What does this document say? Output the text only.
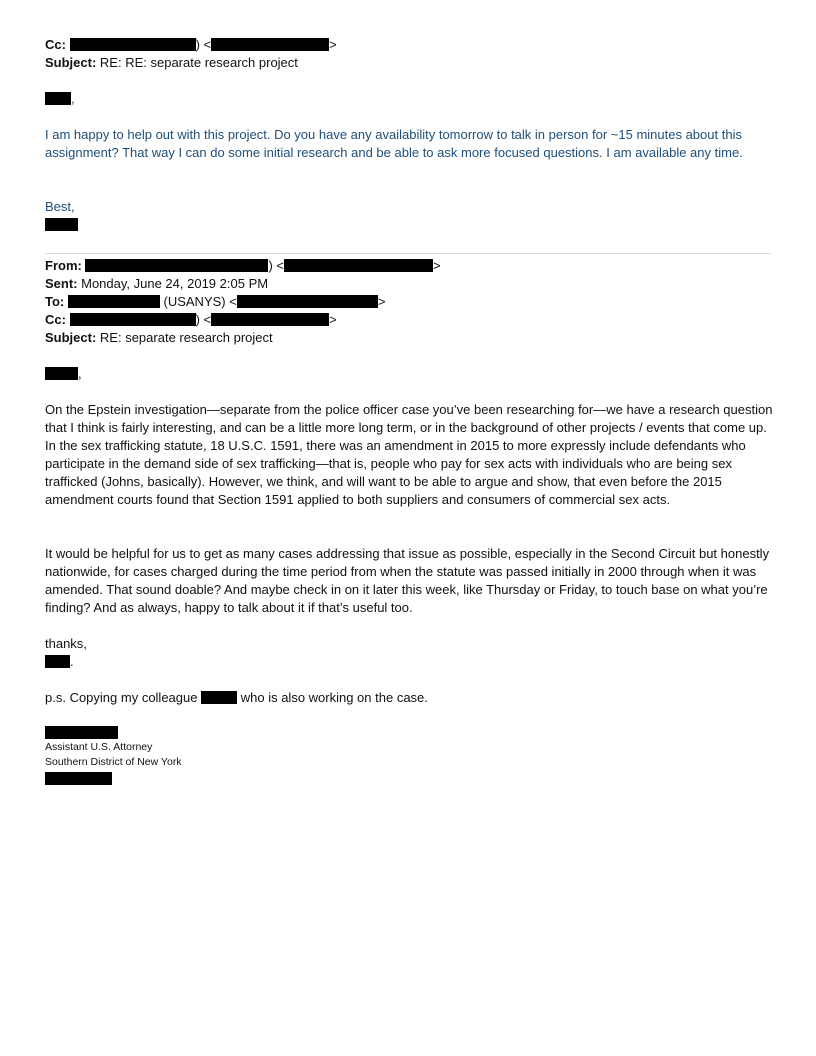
Cc:	) <	>
Subject: RE: RE: separate research project
,
I am happy to help out with this project. Do you have any availability tomorrow to talk in person for ~15 minutes about this assignment? That way I can do some initial research and be able to ask more focused questions. I am available any time.
Best,
From:	) <	>
Sent: Monday, June 24, 2019 2:05 PM
To:	(USANYS) <	>
Cc:	) <	>
Subject: RE: separate research project
,
On the Epstein investigation—separate from the police officer case you’ve been researching for—we have a research question that I think is fairly interesting, and can be a little more long term, or in the background of other projects / events that come up. In the sex trafficking statute, 18 U.S.C. 1591, there was an amendment in 2015 to more expressly include defendants who participate in the demand side of sex trafficking—that is, people who pay for sex acts with individuals who are being sex trafficked (Johns, basically). However, we think, and will want to be able to argue and show, that even before the 2015 amendment courts found that Section 1591 applied to both suppliers and consumers of commercial sex acts.
It would be helpful for us to get as many cases addressing that issue as possible, especially in the Second Circuit but honestly nationwide, for cases charged during the time period from when the statute was passed initially in 2000 through when it was amended. That sound doable? And maybe check in on it later this week, like Thursday or Friday, to touch base on what you’re finding? And as always, happy to talk about it if that’s useful too.
thanks,
.
p.s. Copying my colleague	who is also working on the case.
Assistant U.S. Attorney
Southern District of New York
